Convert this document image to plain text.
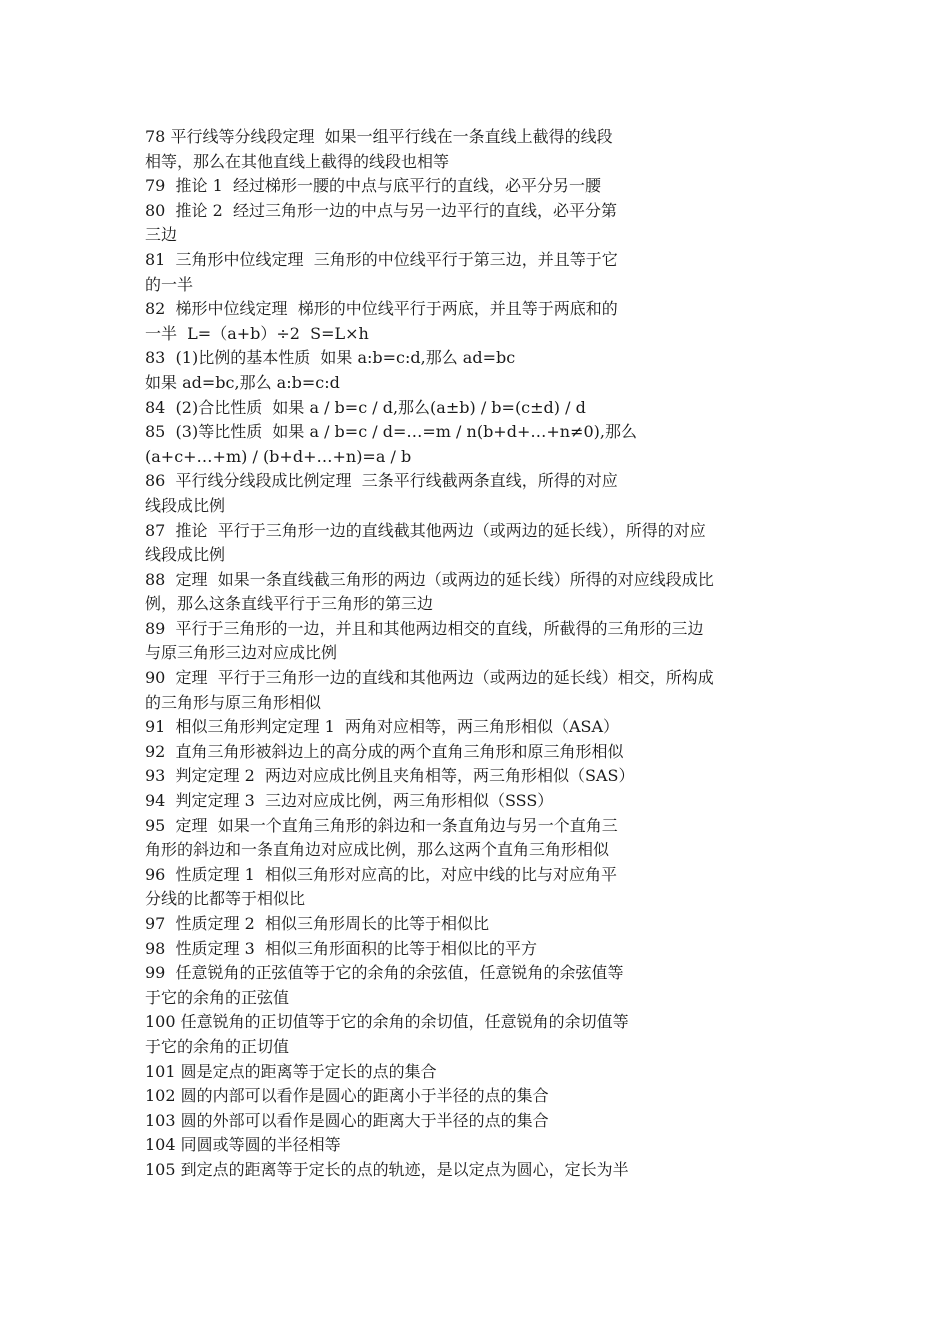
78 平行线等分线段定理  如果一组平行线在一条直线上截得的线段
相等，那么在其他直线上截得的线段也相等
79  推论 1  经过梯形一腰的中点与底平行的直线，必平分另一腰
80  推论 2  经过三角形一边的中点与另一边平行的直线，必平分第
三边
81  三角形中位线定理  三角形的中位线平行于第三边，并且等于它
的一半
82  梯形中位线定理  梯形的中位线平行于两底，并且等于两底和的
一半  L=（a+b）÷2  S=L×h
83  (1)比例的基本性质  如果 a:b=c:d,那么 ad=bc
如果 ad=bc,那么 a:b=c:d
84  (2)合比性质  如果 a / b=c / d,那么(a±b) / b=(c±d) / d
85  (3)等比性质  如果 a / b=c / d=…=m / n(b+d+…+n≠0),那么
(a+c+…+m) / (b+d+…+n)=a / b
86  平行线分线段成比例定理  三条平行线截两条直线，所得的对应
线段成比例
87  推论  平行于三角形一边的直线截其他两边（或两边的延长线），所得的对应
线段成比例
88  定理  如果一条直线截三角形的两边（或两边的延长线）所得的对应线段成比
例，那么这条直线平行于三角形的第三边
89  平行于三角形的一边，并且和其他两边相交的直线，所截得的三角形的三边
与原三角形三边对应成比例
90  定理  平行于三角形一边的直线和其他两边（或两边的延长线）相交，所构成
的三角形与原三角形相似
91  相似三角形判定定理 1  两角对应相等，两三角形相似（ASA）
92  直角三角形被斜边上的高分成的两个直角三角形和原三角形相似
93  判定定理 2  两边对应成比例且夹角相等，两三角形相似（SAS）
94  判定定理 3  三边对应成比例，两三角形相似（SSS）
95  定理  如果一个直角三角形的斜边和一条直角边与另一个直角三
角形的斜边和一条直角边对应成比例，那么这两个直角三角形相似
96  性质定理 1  相似三角形对应高的比，对应中线的比与对应角平
分线的比都等于相似比
97  性质定理 2  相似三角形周长的比等于相似比
98  性质定理 3  相似三角形面积的比等于相似比的平方
99  任意锐角的正弦值等于它的余角的余弦值，任意锐角的余弦值等
于它的余角的正弦值
100 任意锐角的正切值等于它的余角的余切值，任意锐角的余切值等
于它的余角的正切值
101 圆是定点的距离等于定长的点的集合
102 圆的内部可以看作是圆心的距离小于半径的点的集合
103 圆的外部可以看作是圆心的距离大于半径的点的集合
104 同圆或等圆的半径相等
105 到定点的距离等于定长的点的轨迹，是以定点为圆心，定长为半
